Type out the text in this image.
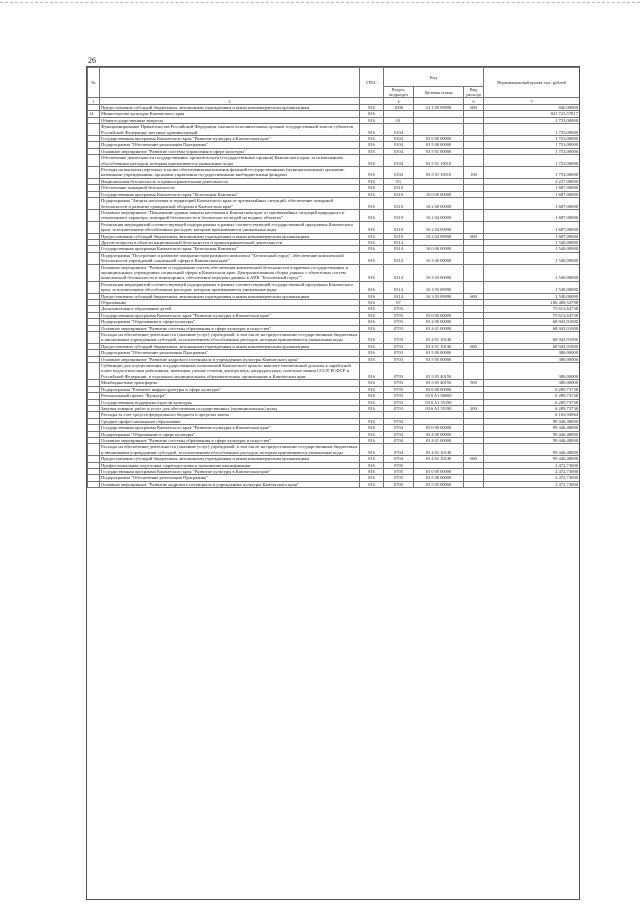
26
№		ГРБС	Код			Первоначальный проект тыс. рублей
			Раздел, подраздел	Целевая статья	Вид расхода	
1	2		4		6	7
	Предоставление субсидий бюджетным, автономным учреждениям и иным некоммерческим организациям	816	1006	21 1 00 09990	600	840,00000
14	Министерство культуры Камчатского края	816				841 723,57817
	Общегосударственные вопросы	816	01			1 753,00000
	Функционирование Правительства Российской Федерации, высших исполнительных органов государственной власти субъектов Российской Федерации, местных администраций	816	0104			1 753,00000
	Государственная программа Камчатского края "Развитие культуры в Камчатском крае"	816	0104	03 0 00 00000		1 753,00000
	Подпрограмма "Обеспечение реализации Программы"	816	0104	03 5 00 00000		1 753,00000
	Основное мероприятие "Развитие системы управления в сфере культуры"	816	0104	03 5 01 00000		1 753,00000
	Обеспечение деятельности государственных органов власти (государственных органов) Камчатского края, за исключением обособленных расходов, которым присваиваются уникальные коды	816	0104	03 5 01 10010		1 753,00000
	Расходы на выплаты персоналу в целях обеспечения выполнения функций государственными (муниципальными) органами, казенными учреждениями, органами управления государственными внебюджетными фондами	816	0104	03 5 01 10010	100	1 753,00000
	Национальная безопасность и правоохранительная деятельность	816	03			3 227,00000
	Обеспечение пожарной безопасности	816	0310			1 687,00000
	Государственная программа Камчатского края "Безопасная Камчатка"	816	0310	16 0 00 00000		1 687,00000
	Подпрограмма "Защита населения и территорий Камчатского края от чрезвычайных ситуаций, обеспечение пожарной безопасности и развитие гражданской обороны в Камчатском крае"	816	0310	16 2 00 00000		1 687,00000
	Основное мероприятие "Повышение уровня защиты населения в Камчатском крае от чрезвычайных ситуаций природного и техногенного характера, пожарной безопасности и безопасности людей на водных объектах"	816	0310	16 2 04 00000		1 687,00000
	Реализация мероприятий соответствующей подпрограммы в рамках соответствующей государственной программы Камчатского края, за исключением обособленных расходов, которым присваиваются уникальные коды	816	0310	16 2 04 09990		1 687,00000
	Предоставление субсидий бюджетным, автономным учреждениям и иным некоммерческим организациям	816	0310	16 2 04 09990	600	1 687,00000
	Другие вопросы в области национальной безопасности и правоохранительной деятельности	816	0314			1 540,00000
	Государственная программа Камчатского края "Безопасная Камчатка"	816	0314	16 0 00 00000		1 540,00000
	Подпрограмма "Построение и развитие аппаратно-программного комплекса "Безопасный город", обеспечение комплексной безопасности учреждений социальной сферы в Камчатском крае"	816	0314	16 3 00 00000		1 540,00000
	Основное мероприятие "Развитие и содержание систем обеспечения комплексной безопасности в краевых государственных и муниципальных учреждениях социальной сферы в Камчатском крае. Централизованная сборка данных с объектовых систем комплексной безопасности и мониторинга, обеспечение передачи данных в АПК "Безопасный город""	816	0314	16 3 03 00000		1 540,00000
	Реализация мероприятий соответствующей подпрограммы в рамках соответствующей государственной программы Камчатского края, за исключением обособленных расходов, которым присваиваются уникальные коды	816	0314	16 3 03 09990		1 540,00000
	Предоставление субсидий бюджетным, автономным учреждениям и иным некоммерческим организациям	816	0314	16 3 03 09990	600	1 540,00000
	Образование	816	07			186 408,52798
	Дополнительное образование детей	816	0703			75 613,64738
	Государственная программа Камчатского края "Развитие культуры в Камчатском крае"	816	0703	03 0 00 00000		75 613,64738
	Подпрограмма "Образование в сфере культуры"	816	0703	03 4 00 00000		68 943,91000
	Основное мероприятие "Развитие системы образования в сфере культуры и искусства"	816	0703	03 4 01 00000		68 943,91000
	Расходы на обеспечение деятельности (оказание услуг) учреждений, в том числе на предоставление государственным бюджетным и автономным учреждениям субсидий, за исключением обособленных расходов, которым присваиваются уникальные коды	816	0703	03 4 01 10140		68 943,91000
	Предоставление субсидий бюджетным, автономным учреждениям и иным некоммерческим организациям	816	0703	03 4 01 10140	600	68 943,91000
	Подпрограмма "Обеспечение реализации Программы"	816	0703	03 5 00 00000		380,00000
	Основное мероприятие "Развитие кадрового потенциала в учреждениях культуры Камчатского края"	816	0703	03 5 05 00000		380,00000
	Субвенции для осуществления государственных полномочий Камчатского края по выплате ежемесячной доплаты к заработной плате педагогическим работникам, имеющим ученые степени доктора наук, кандидата наук, почетные звания СССР, РСФСР и Российской Федерации, в отдельных муниципальных образовательных организациях в Камчатском крае	816	0703	03 5 05 40150		380,00000
	Межбюджетные трансферты	816	0703	03 5 05 40150	500	380,00000
	Подпрограмма "Развитие инфраструктуры в сфере культуры"	816	0703	03 6 00 00000		6 289,73738
	Региональный проект "Культура"	816	0703	03 6 A1 00000		6 289,73738
	Государственная поддержка отрасли культуры	816	0703	03 6 A1 55190		6 289,73738
	Закупка товаров, работ и услуг для обеспечения государственных (муниципальных) нужд	816	0703	03 6 A1 55190	200	6 289,73738
	Расходы за счет средств федерального бюджета в пределах квоты					6 163,94964
	Среднее профессиональное образование	816	0704			99 446,48000
	Государственная программа Камчатского края "Развитие культуры в Камчатском крае"	816	0704	03 0 00 00000		99 446,48000
	Подпрограмма "Образование в сфере культуры"	816	0704	03 4 00 00000		99 446,48000
	Основное мероприятие "Развитие системы образования в сфере культуры и искусства"	816	0704	03 4 01 00000		99 446,48000
	Расходы на обеспечение деятельности (оказание услуг) учреждений, в том числе на предоставление государственным бюджетным и автономным учреждениям субсидий, за исключением обособленных расходов, которым присваиваются уникальные коды	816	0704	03 4 01 10140		99 446,48000
	Предоставление субсидий бюджетным, автономным учреждениям и иным некоммерческим организациям	816	0704	03 4 01 10140	600	99 446,48000
	Профессиональная подготовка, переподготовка и повышение квалификации	816	0705			2 472,73000
	Государственная программа Камчатского края "Развитие культуры в Камчатском крае"	816	0705	03 0 00 00000		2 472,73000
	Подпрограмма "Обеспечение реализации Программы"	816	0705	03 5 00 00000		2 472,73000
	Основное мероприятие "Развитие кадрового потенциала в учреждениях культуры Камчатского края"	816	0705	03 5 05 00000		2 472,73000
